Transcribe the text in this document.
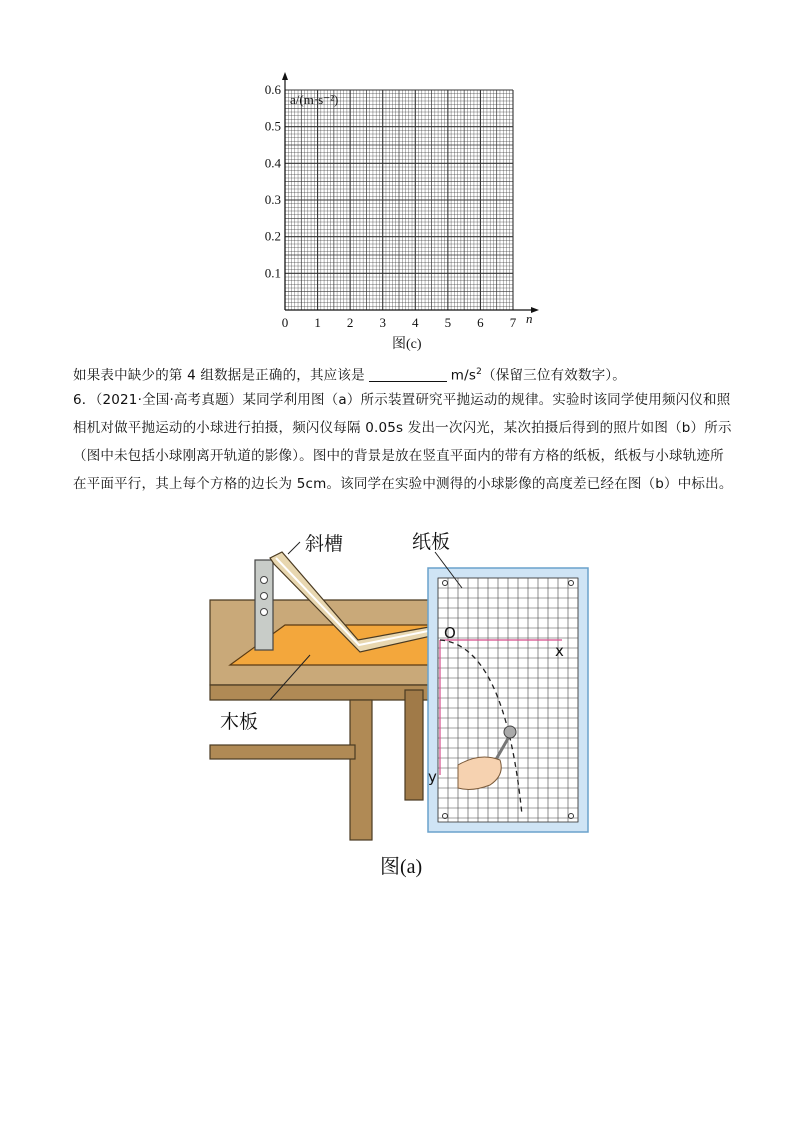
0 1 2 3 4 5 6 7
0.1
0.2
0.3
0.4
0.5
0.6
a/(m·s⁻²)
n
图(c)
如果表中缺少的第 4 组数据是正确的，其应该是	$m/s^2$（保留三位有效数字）。
6．（2021·全国·高考真题）某同学利用图（a）所示装置研究平抛运动的规律。实验时该同学使用频闪仪和照相机对做平抛运动的小球进行拍摄，频闪仪每隔 0.05s 发出一次闪光，某次拍摄后得到的照片如图（b）所示（图中未包括小球刚离开轨道的影像）。图中的背景是放在竖直平面内的带有方格的纸板，纸板与小球轨迹所在平面平行，其上每个方格的边长为 5cm。该同学在实验中测得的小球影像的高度差已经在图（b）中标出。
斜槽	纸板
木板
O
x
y
图(a)
